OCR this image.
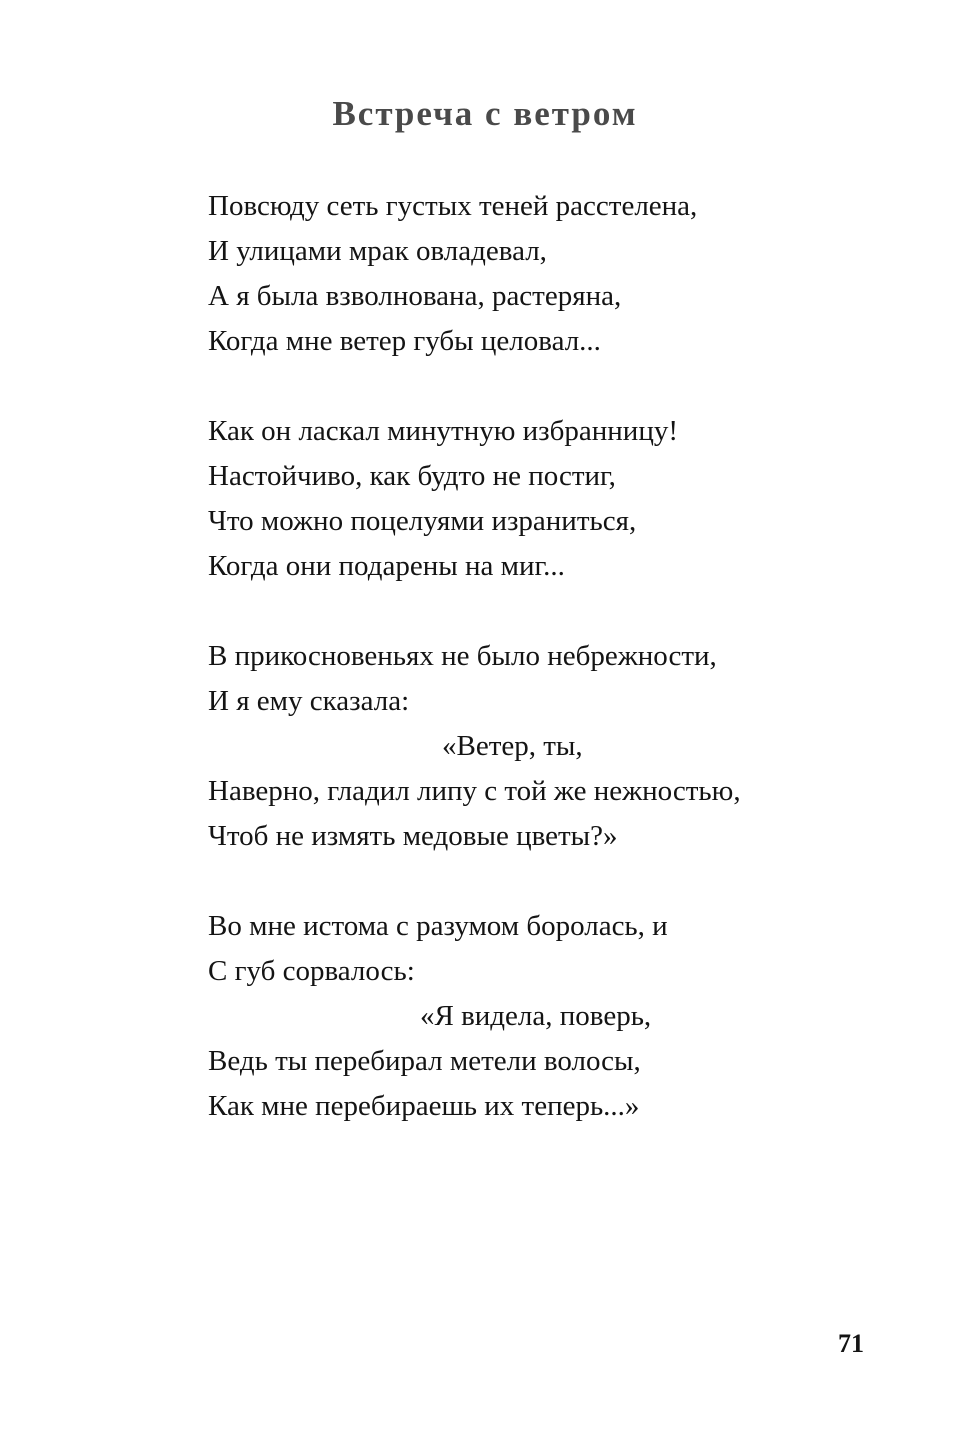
Встреча с ветром
Повсюду сеть густых теней расстелена,
И улицами мрак овладевал,
А я была взволнована, растеряна,
Когда мне ветер губы целовал...
Как он ласкал минутную избранницу!
Настойчиво, как будто не постиг,
Что можно поцелуями израниться,
Когда они подарены на миг...
В прикосновеньях не было небрежности,
И я ему сказала:
«Ветер, ты,
Наверно, гладил липу с той же нежностью,
Чтоб не измять медовые цветы?»
Во мне истома с разумом боролась, и
С губ сорвалось:
«Я видела, поверь,
Ведь ты перебирал метели волосы,
Как мне перебираешь их теперь...»
71
